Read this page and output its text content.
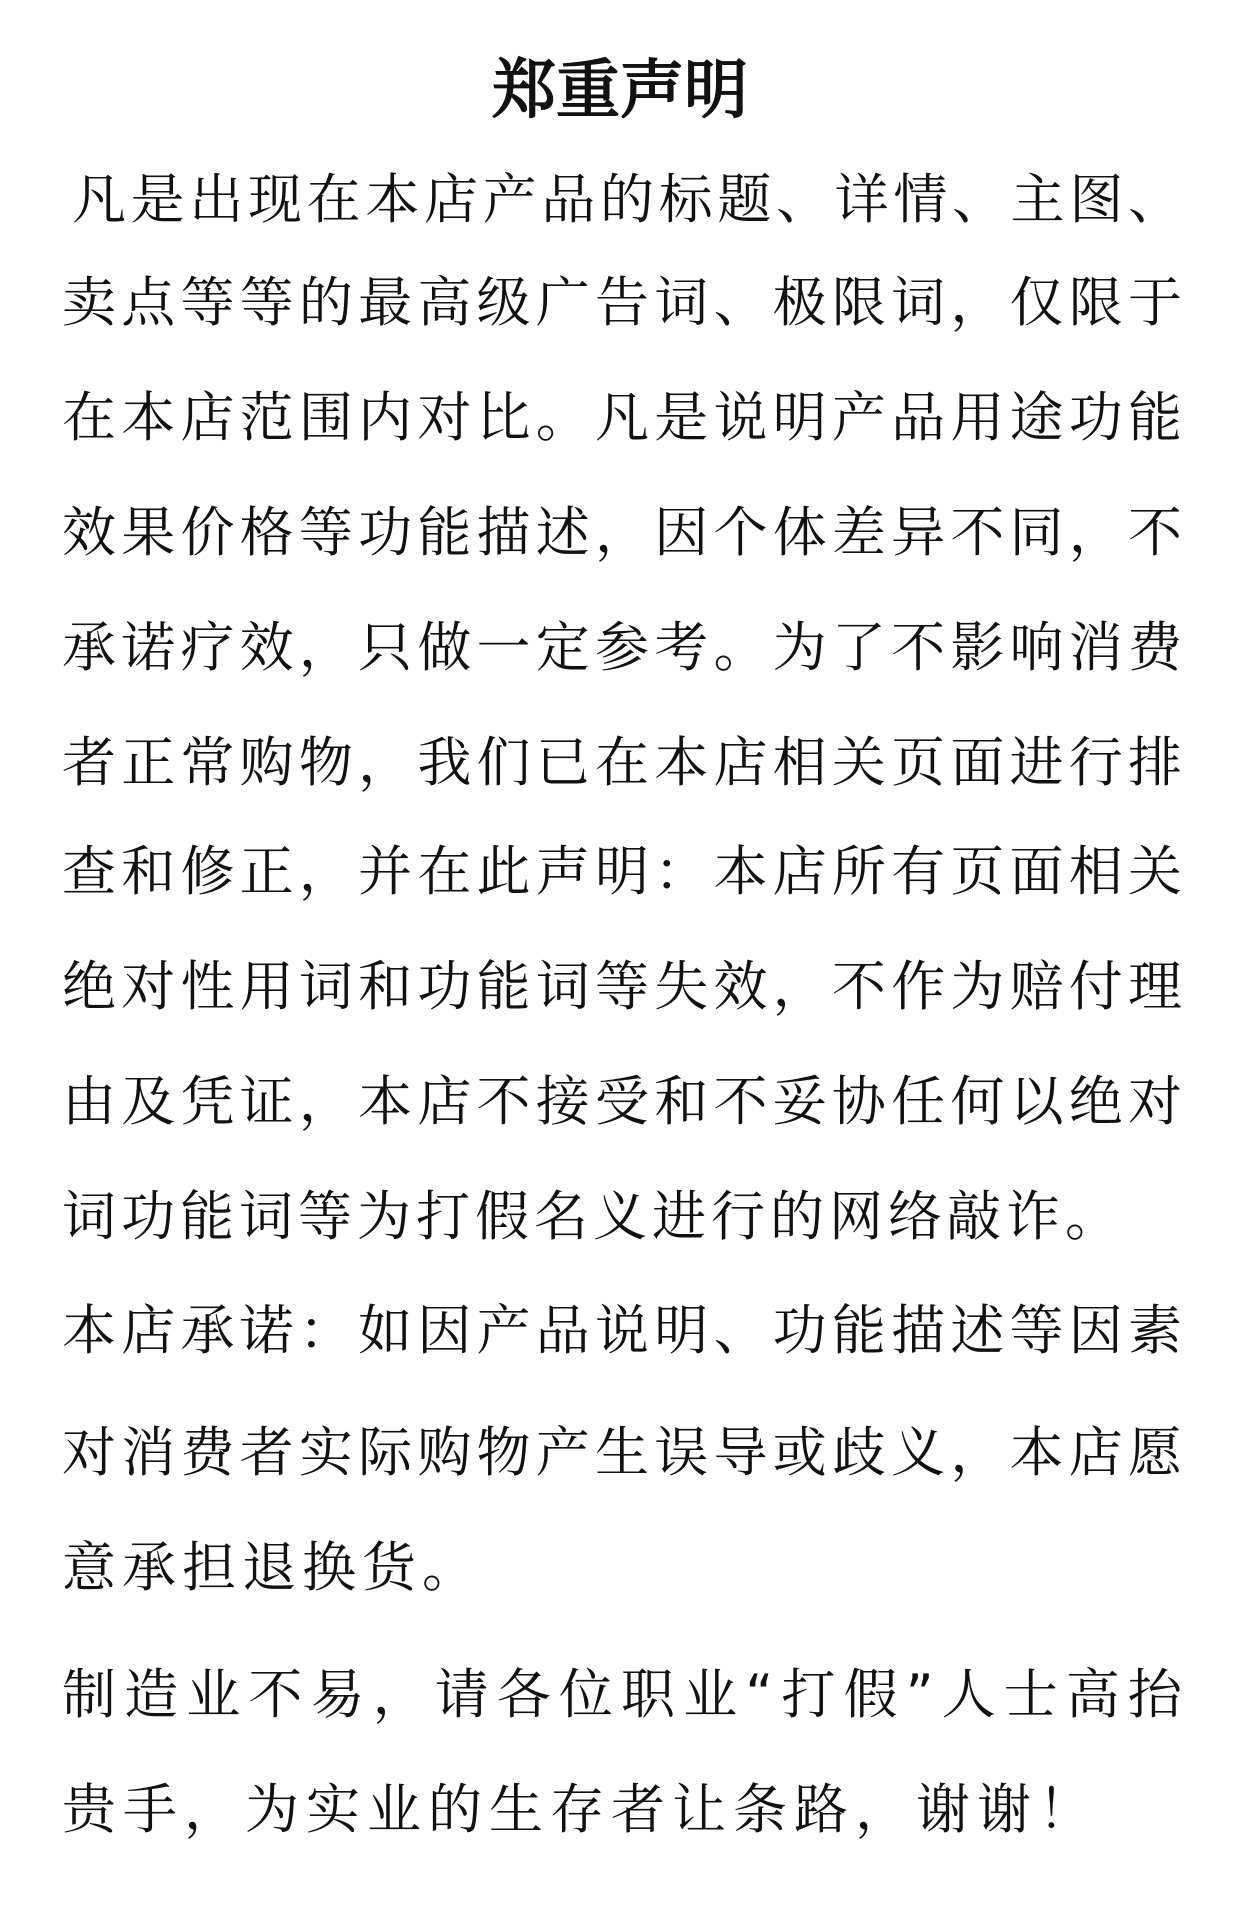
郑重声明
凡是出现在本店产品的标题、详情、主图、
卖点等等的最高级广告词、极限词，仅限于
在本店范围内对比。凡是说明产品用途功能
效果价格等功能描述，因个体差异不同，不
承诺疗效，只做一定参考。为了不影响消费
者正常购物，我们已在本店相关页面进行排
查和修正，并在此声明：本店所有页面相关
绝对性用词和功能词等失效，不作为赔付理
由及凭证，本店不接受和不妥协任何以绝对
词功能词等为打假名义进行的网络敲诈。
本店承诺：如因产品说明、功能描述等因素
对消费者实际购物产生误导或歧义，本店愿
意承担退换货。
制造业不易，请各位职业“打假”人士高抬
贵手，为实业的生存者让条路，谢谢！
